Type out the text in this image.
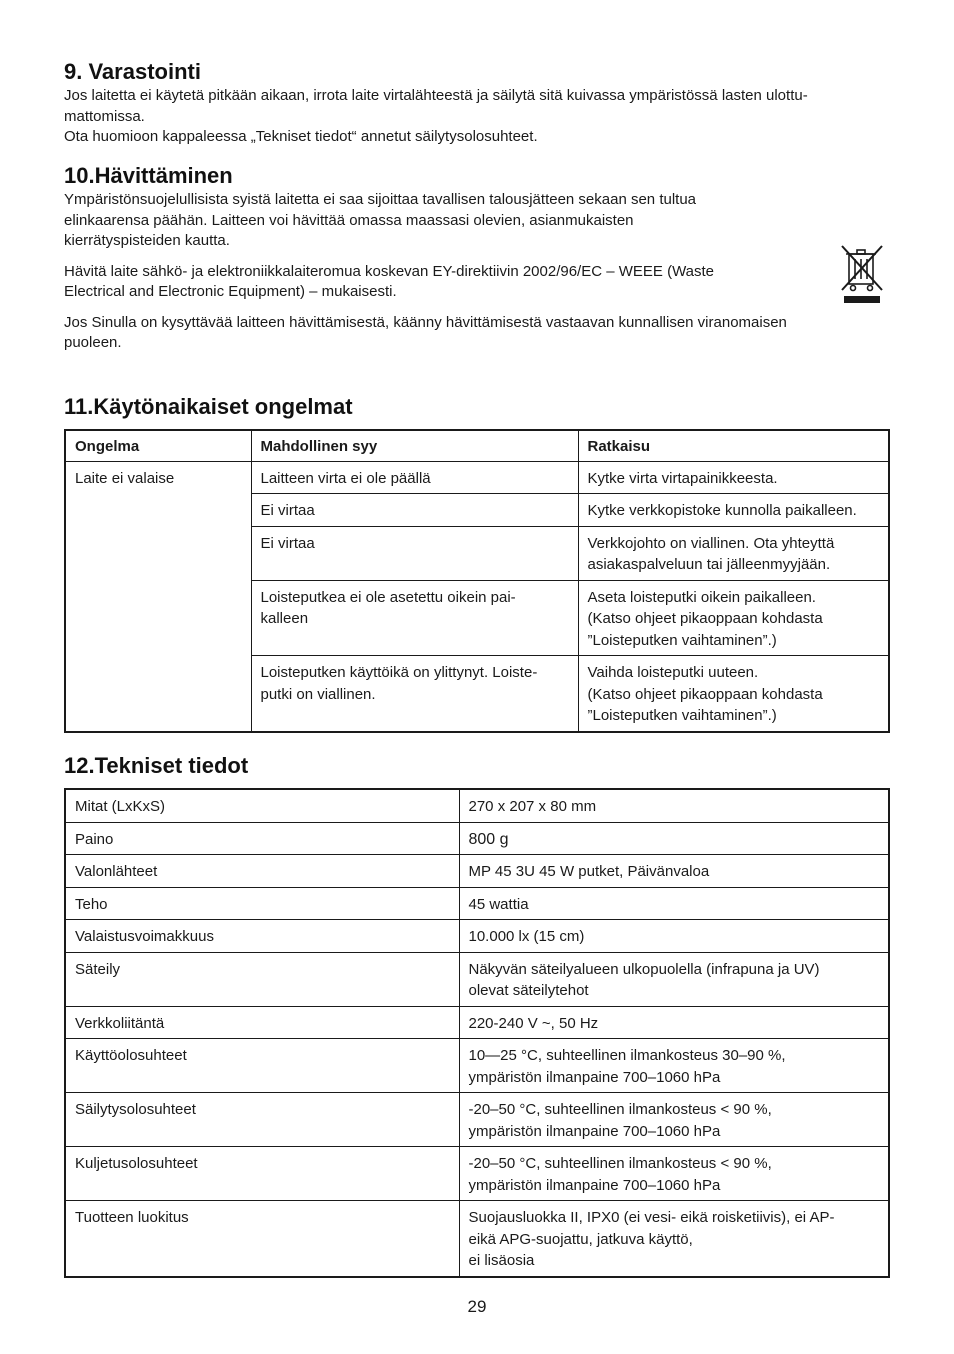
9. Varastointi

Jos laitetta ei käytetä pitkään aikaan, irrota laite virtalähteestä ja säilytä sitä kuivassa ympäristössä lasten ulottu-
mattomissa.

Ota huomioon kappaleessa „Tekniset tiedot“ annetut säilytysolosuhteet.

10.Hävittäminen

Ympäristönsuojelullisista syistä laitetta ei saa sijoittaa tavallisen talousjätteen sekaan sen tultua
elinkaarensa päähän. Laitteen voi hävittää omassa maassasi olevien, asianmukaisten
kierrätyspisteiden kautta.

Hävitä laite sähkö- ja elektroniikkalaiteromua koskevan EY-direktiivin 2002/96/EC – WEEE (Waste
Electrical and Electronic Equipment) – mukaisesti.

Jos Sinulla on kysyttävää laitteen hävittämisestä, käänny hävittämisestä vastaavan kunnallisen viranomaisen
puoleen.

11.Käytönaikaiset ongelmat
Ongelma	Mahdollinen syy	Ratkaisu
Laite ei valaise	Laitteen virta ei ole päällä	Kytke virta virtapainikkeesta.
	Ei virtaa	Kytke verkkopistoke kunnolla paikalleen.
	Ei virtaa	Verkkojohto on viallinen. Ota yhteyttä
asiakaspalveluun tai jälleenmyyjään.
	Loisteputkea ei ole asetettu oikein pai-
kalleen	Aseta loisteputki oikein paikalleen.
(Katso ohjeet pikaoppaan kohdasta
”Loisteputken vaihtaminen”.)
	Loisteputken käyttöikä on ylittynyt. Loiste-
putki on viallinen.	Vaihda loisteputki uuteen.
(Katso ohjeet pikaoppaan kohdasta
”Loisteputken vaihtaminen”.)
12.Tekniset tiedot
Mitat (LxKxS)	270 x 207 x 80 mm
Paino	800 g
Valonlähteet	MP 45 3U 45 W putket, Päivänvaloa
Teho	45 wattia
Valaistusvoimakkuus	10.000 lx (15 cm)
Säteily	Näkyvän säteilyalueen ulkopuolella (infrapuna ja UV)
olevat säteilytehot
Verkkoliitäntä	220-240 V ~, 50 Hz
Käyttöolosuhteet	10—25 °C, suhteellinen ilmankosteus 30–90 %,
ympäristön ilmanpaine 700–1060 hPa
Säilytysolosuhteet	-20–50 °C, suhteellinen ilmankosteus < 90 %,
ympäristön ilmanpaine 700–1060 hPa
Kuljetusolosuhteet	-20–50 °C, suhteellinen ilmankosteus < 90 %,
ympäristön ilmanpaine 700–1060 hPa
Tuotteen luokitus	Suojausluokka II, IPX0 (ei vesi- eikä roisketiivis), ei AP-
eikä APG-suojattu, jatkuva käyttö,
ei lisäosia
29
